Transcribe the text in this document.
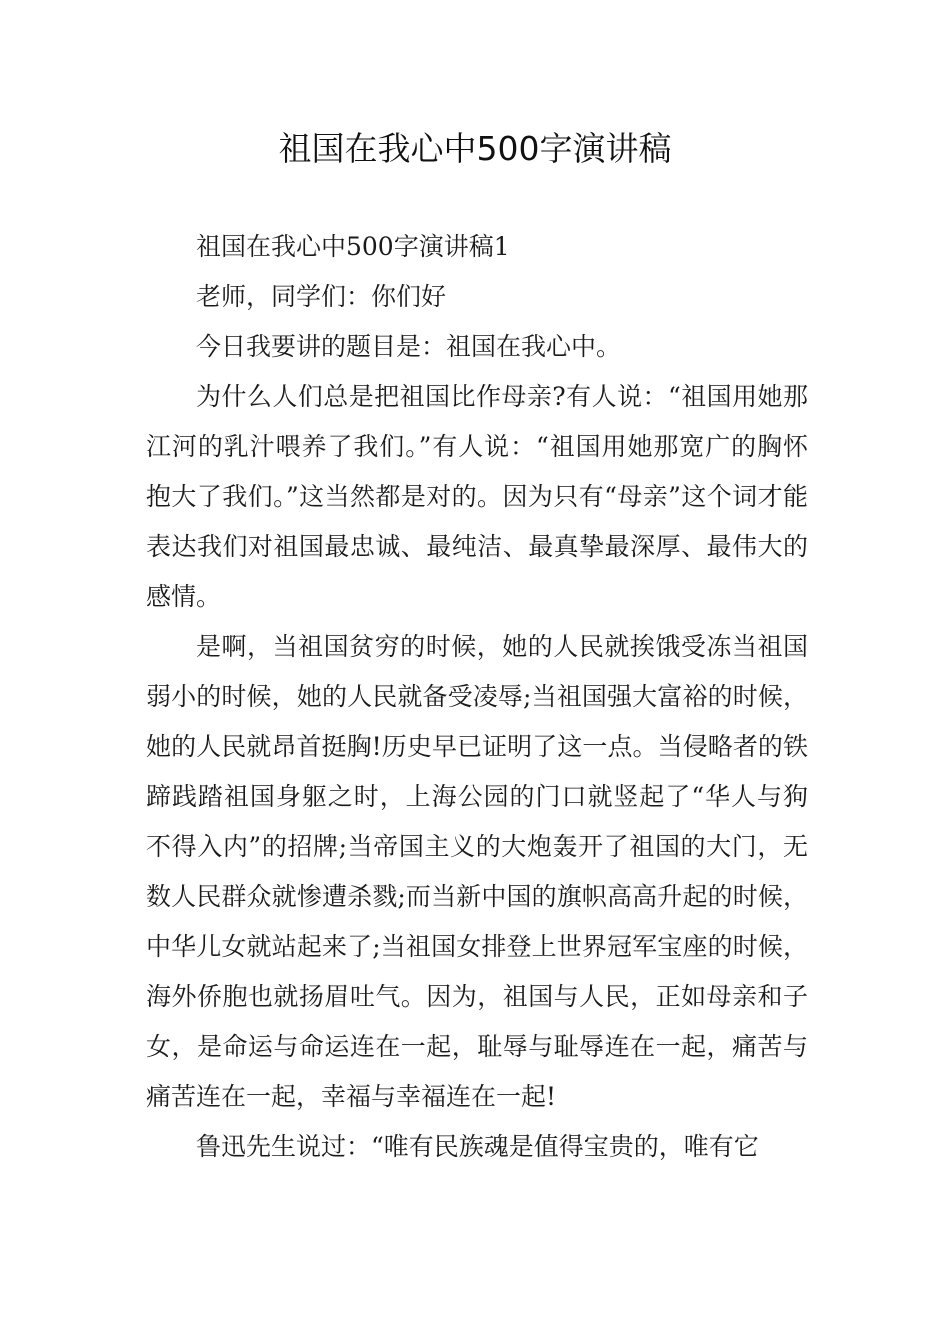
祖国在我心中500字演讲稿

祖国在我心中500字演讲稿1

老师，同学们：你们好

今日我要讲的题目是：祖国在我心中。

为什么人们总是把祖国比作母亲?有人说：“祖国用她那江河的乳汁喂养了我们。”有人说：“祖国用她那宽广的胸怀抱大了我们。”这当然都是对的。因为只有“母亲”这个词才能表达我们对祖国最忠诚、最纯洁、最真挚最深厚、最伟大的感情。

是啊，当祖国贫穷的时候，她的人民就挨饿受冻当祖国弱小的时候，她的人民就备受凌辱;当祖国强大富裕的时候，她的人民就昂首挺胸!历史早已证明了这一点。当侵略者的铁蹄践踏祖国身躯之时，上海公园的门口就竖起了“华人与狗不得入内”的招牌;当帝国主义的大炮轰开了祖国的大门，无数人民群众就惨遭杀戮;而当新中国的旗帜高高升起的时候，中华儿女就站起来了;当祖国女排登上世界冠军宝座的时候，海外侨胞也就扬眉吐气。因为，祖国与人民，正如母亲和子女，是命运与命运连在一起，耻辱与耻辱连在一起，痛苦与痛苦连在一起，幸福与幸福连在一起!

鲁迅先生说过：“唯有民族魂是值得宝贵的，唯有它
